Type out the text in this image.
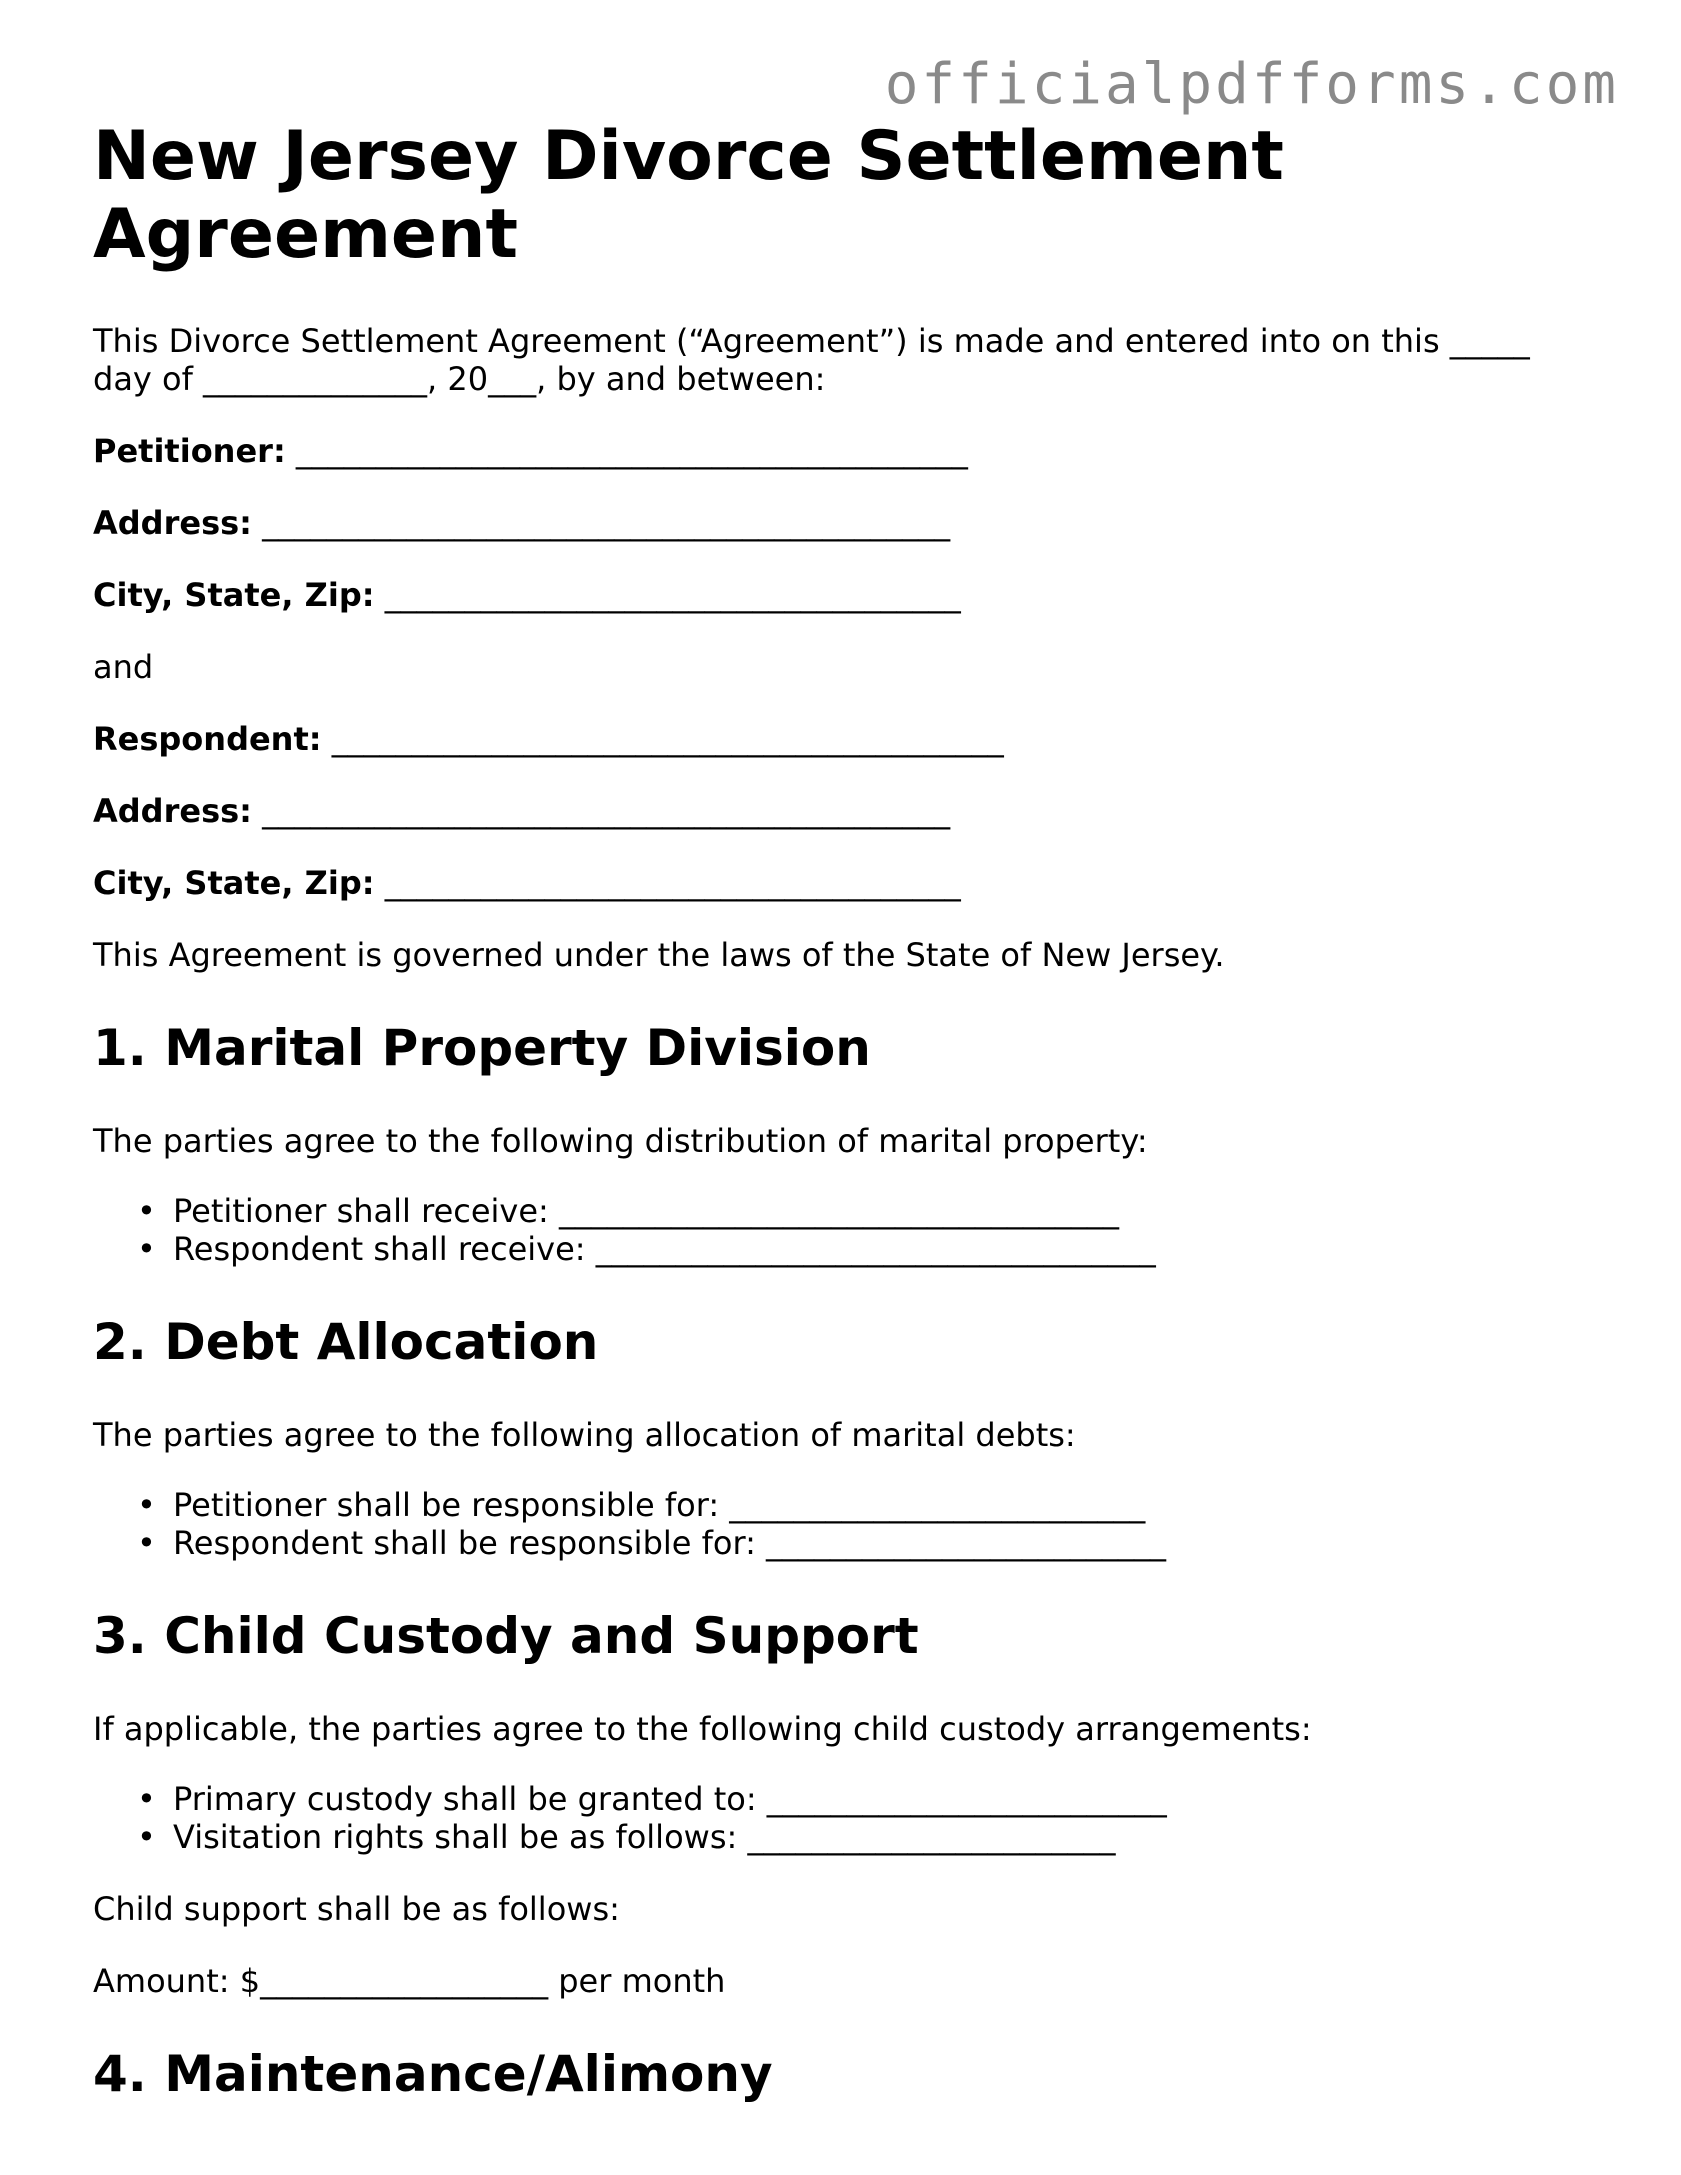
officialpdfforms.com
New Jersey Divorce Settlement Agreement

This Divorce Settlement Agreement (“Agreement”) is made and entered into on this _____ day of ______________, 20___, by and between:

Petitioner: __________________________________________
Address: ___________________________________________
City, State, Zip: ____________________________________

and

Respondent: __________________________________________
Address: ___________________________________________
City, State, Zip: ____________________________________

This Agreement is governed under the laws of the State of New Jersey.

1. Marital Property Division

The parties agree to the following distribution of marital property:

• Petitioner shall receive: ___________________________________
• Respondent shall receive: ___________________________________
2. Debt Allocation

The parties agree to the following allocation of marital debts:

• Petitioner shall be responsible for: __________________________
• Respondent shall be responsible for: _________________________
3. Child Custody and Support

If applicable, the parties agree to the following child custody arrangements:

• Primary custody shall be granted to: _________________________
• Visitation rights shall be as follows: _______________________

Child support shall be as follows:

Amount: $__________________ per month

4. Maintenance/Alimony
